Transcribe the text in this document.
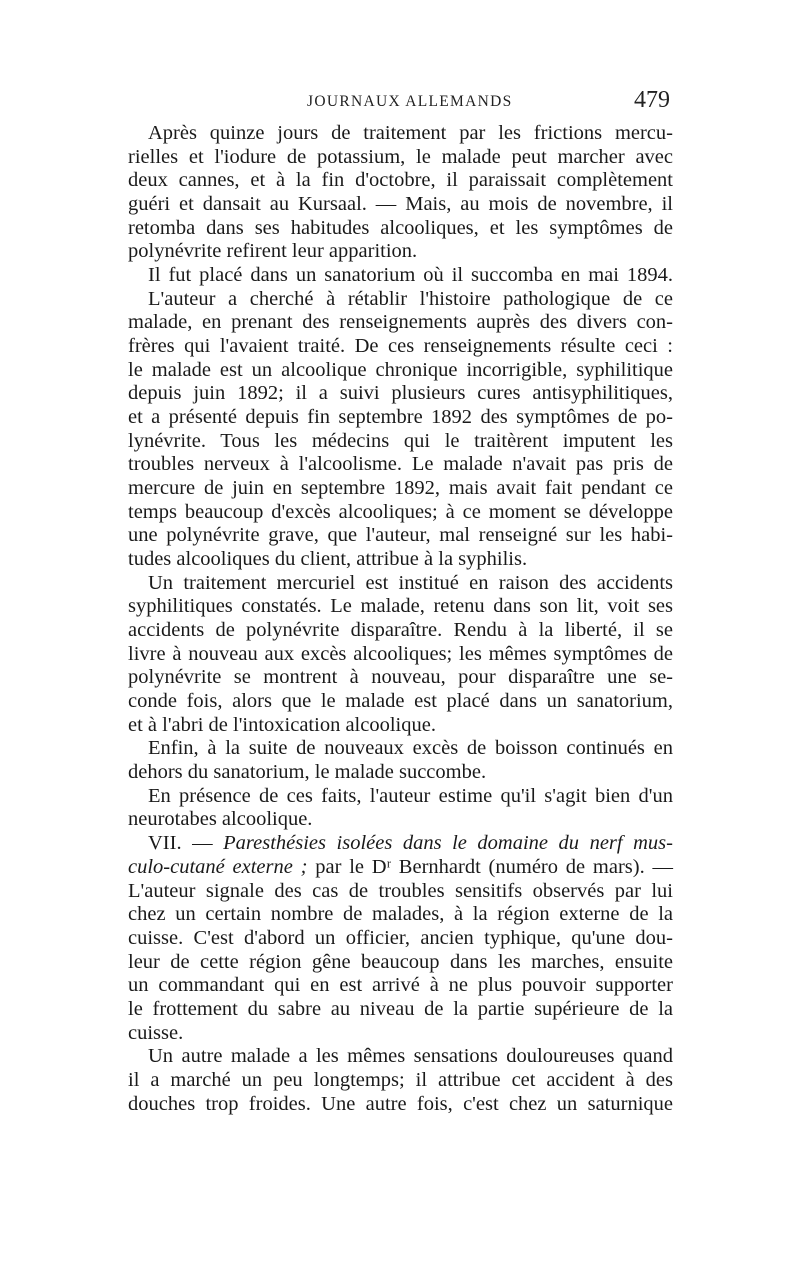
JOURNAUX ALLEMANDS	479
Après quinze jours de traitement par les frictions mercu-
rielles et l'iodure de potassium, le malade peut marcher avec
deux cannes, et à la fin d'octobre, il paraissait complètement
guéri et dansait au Kursaal. — Mais, au mois de novembre, il
retomba dans ses habitudes alcooliques, et les symptômes de
polynévrite refirent leur apparition.
Il fut placé dans un sanatorium où il succomba en mai 1894.
L'auteur a cherché à rétablir l'histoire pathologique de ce
malade, en prenant des renseignements auprès des divers con-
frères qui l'avaient traité. De ces renseignements résulte ceci :
le malade est un alcoolique chronique incorrigible, syphilitique
depuis juin 1892; il a suivi plusieurs cures antisyphilitiques,
et a présenté depuis fin septembre 1892 des symptômes de po-
lynévrite. Tous les médecins qui le traitèrent imputent les
troubles nerveux à l'alcoolisme. Le malade n'avait pas pris de
mercure de juin en septembre 1892, mais avait fait pendant ce
temps beaucoup d'excès alcooliques; à ce moment se développe
une polynévrite grave, que l'auteur, mal renseigné sur les habi-
tudes alcooliques du client, attribue à la syphilis.
Un traitement mercuriel est institué en raison des accidents
syphilitiques constatés. Le malade, retenu dans son lit, voit ses
accidents de polynévrite disparaître. Rendu à la liberté, il se
livre à nouveau aux excès alcooliques; les mêmes symptômes de
polynévrite se montrent à nouveau, pour disparaître une se-
conde fois, alors que le malade est placé dans un sanatorium,
et à l'abri de l'intoxication alcoolique.
Enfin, à la suite de nouveaux excès de boisson continués en
dehors du sanatorium, le malade succombe.
En présence de ces faits, l'auteur estime qu'il s'agit bien d'un
neurotabes alcoolique.
VII. — Paresthésies isolées dans le domaine du nerf mus-
culo-cutané externe ; par le Dʳ Bernhardt (numéro de mars). —
L'auteur signale des cas de troubles sensitifs observés par lui
chez un certain nombre de malades, à la région externe de la
cuisse. C'est d'abord un officier, ancien typhique, qu'une dou-
leur de cette région gêne beaucoup dans les marches, ensuite
un commandant qui en est arrivé à ne plus pouvoir supporter
le frottement du sabre au niveau de la partie supérieure de la
cuisse.
Un autre malade a les mêmes sensations douloureuses quand
il a marché un peu longtemps; il attribue cet accident à des
douches trop froides. Une autre fois, c'est chez un saturnique
